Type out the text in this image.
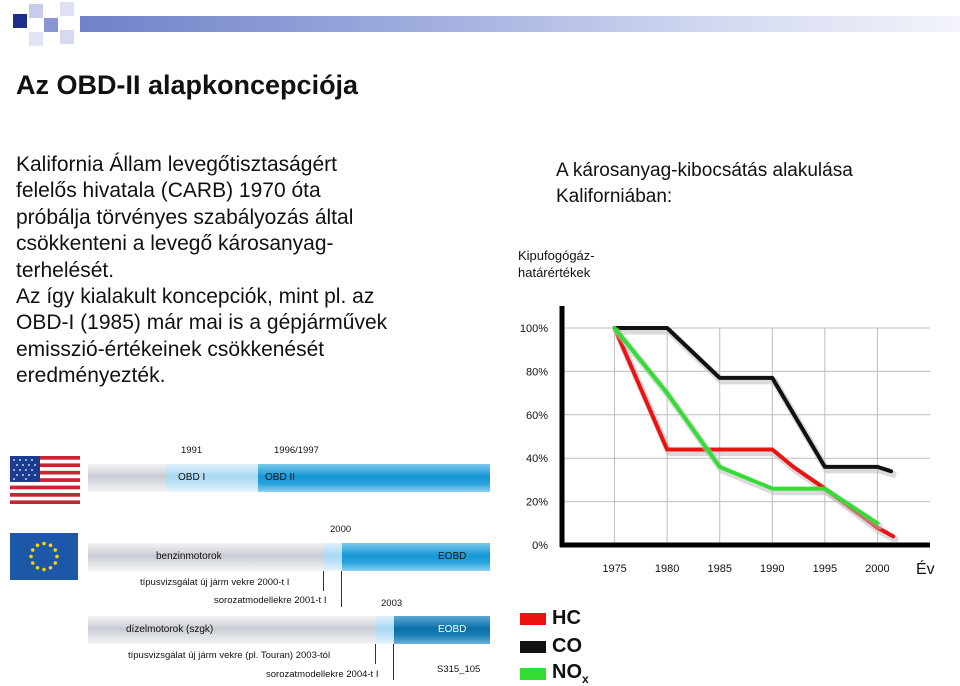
Az OBD-II alapkoncepciója
Kalifornia Állam levegőtisztaságért
felelős hivatala (CARB) 1970 óta
próbálja törvényes szabályozás által
csökkenteni a levegő károsanyag-
terhelését.
Az így kialakult koncepciók, mint pl. az
OBD-I (1985) már mai is a gépjárművek
emisszió-értékeinek csökkenését
eredményezték.
A károsanyag-kibocsátás alakulása
Kaliforniában:
Kipufogógáz-
határértékek
0%
20%
40%
60%
80%
100%
1975	1980	1985	1990	1995	2000 Év
HC
CO
$NO_x$
1991	1996/1997
OBD I	OBD II
2000
benzinmotorok	EOBD
típusvizsgálat új járm vekre 2000-t I
sorozatmodellekre 2001-t I	2003
dízelmotorok (szgk)	EOBD
típusvizsgálat új járm vekre (pl. Touran) 2003-tól
sorozatmodellekre 2004-t I	S315_105
